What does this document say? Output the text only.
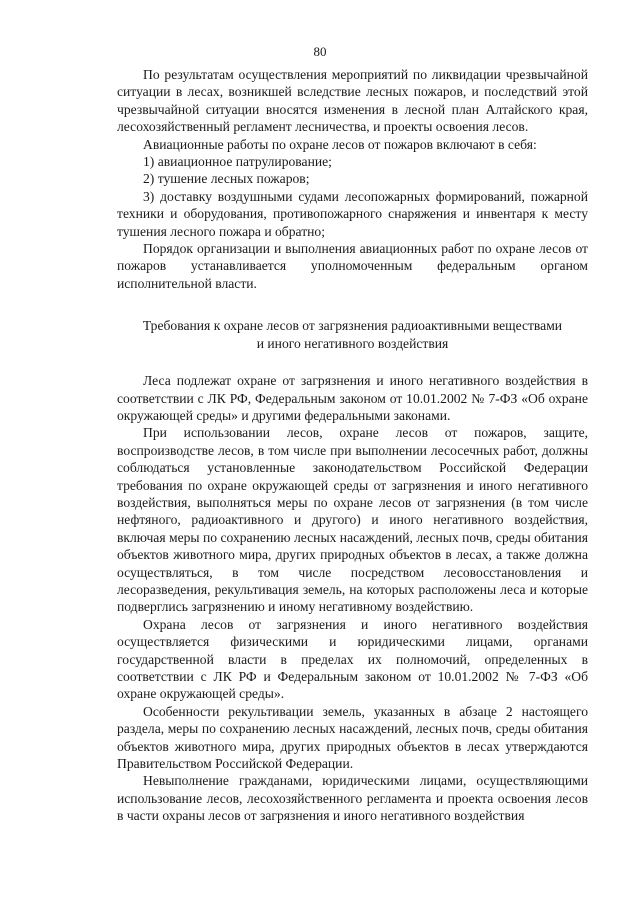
80

По результатам осуществления мероприятий по ликвидации чрезвычайной ситуации в лесах, возникшей вследствие лесных пожаров, и последствий этой чрезвычайной ситуации вносятся изменения в лесной план Алтайского края, лесохозяйственный регламент лесничества, и проекты освоения лесов.

Авиационные работы по охране лесов от пожаров включают в себя:

1) авиационное патрулирование;

2) тушение лесных пожаров;

3) доставку воздушными судами лесопожарных формирований, пожарной техники и оборудования, противопожарного снаряжения и инвентаря к месту тушения лесного пожара и обратно;

Порядок организации и выполнения авиационных работ по охране лесов от пожаров устанавливается уполномоченным федеральным органом исполнительной власти.

Требования к охране лесов от загрязнения радиоактивными веществами
и иного негативного воздействия

Леса подлежат охране от загрязнения и иного негативного воздействия в соответствии с ЛК РФ, Федеральным законом от 10.01.2002 № 7-ФЗ «Об охране окружающей среды» и другими федеральными законами.

При использовании лесов, охране лесов от пожаров, защите, воспроизводстве лесов, в том числе при выполнении лесосечных работ, должны соблюдаться установленные законодательством Российской Федерации требования по охране окружающей среды от загрязнения и иного негативного воздействия, выполняться меры по охране лесов от загрязнения (в том числе нефтяного, радиоактивного и другого) и иного негативного воздействия, включая меры по сохранению лесных насаждений, лесных почв, среды обитания объектов животного мира, других природных объектов в лесах, а также должна осуществляться, в том числе посредством лесовосстановления и лесоразведения, рекультивация земель, на которых расположены леса и которые подверглись загрязнению и иному негативному воздействию.

Охрана лесов от загрязнения и иного негативного воздействия осуществляется физическими и юридическими лицами, органами государственной власти в пределах их полномочий, определенных в соответствии с ЛК РФ и Федеральным законом от 10.01.2002 № 7-ФЗ «Об охране окружающей среды».

Особенности рекультивации земель, указанных в абзаце 2 настоящего раздела, меры по сохранению лесных насаждений, лесных почв, среды обитания объектов животного мира, других природных объектов в лесах утверждаются Правительством Российской Федерации.

Невыполнение гражданами, юридическими лицами, осуществляющими использование лесов, лесохозяйственного регламента и проекта освоения лесов в части охраны лесов от загрязнения и иного негативного воздействия
